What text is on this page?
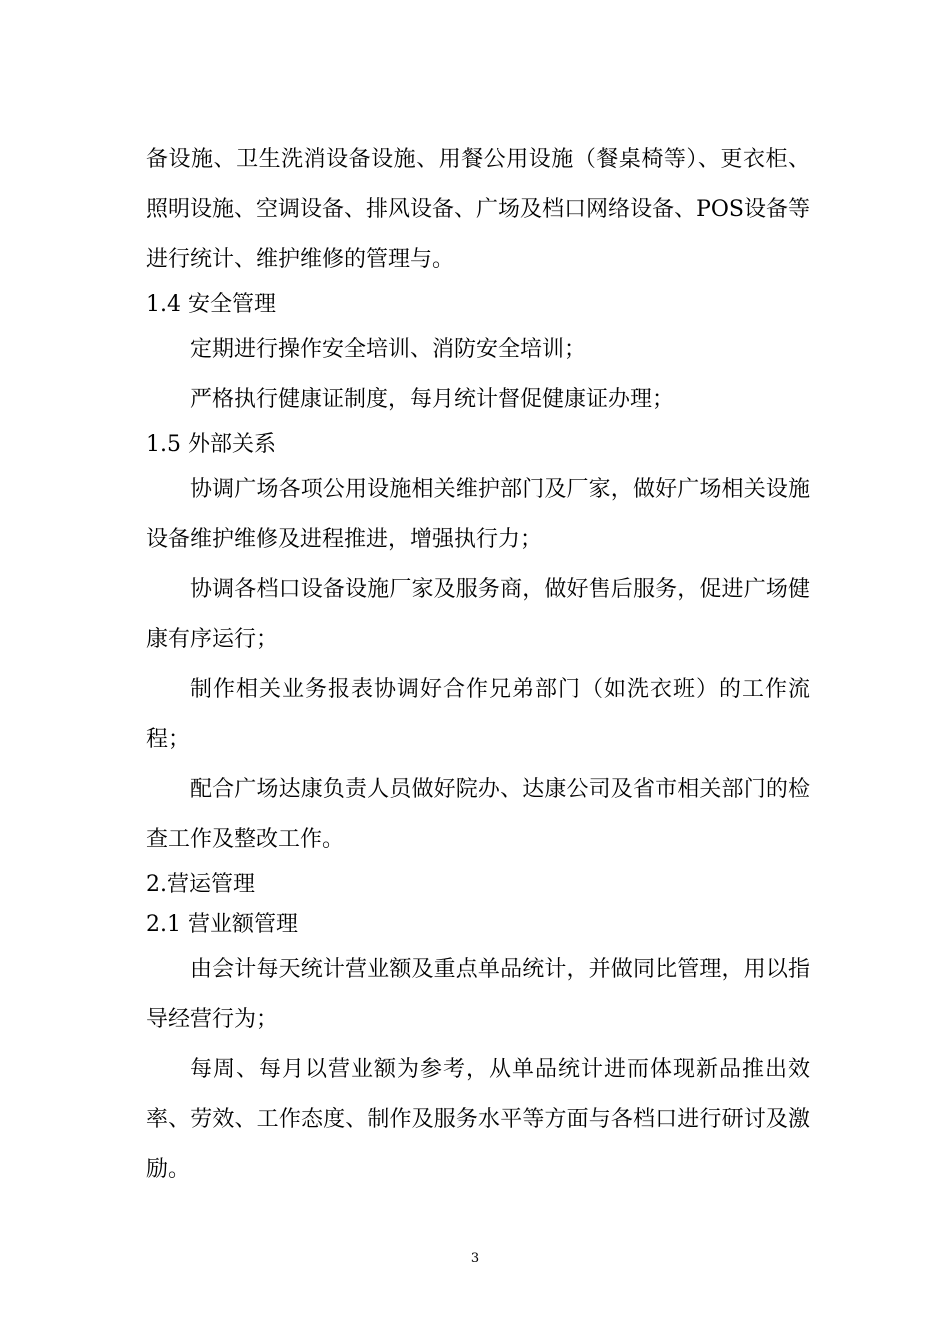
备设施、卫生洗消设备设施、用餐公用设施（餐桌椅等）、更衣柜、照明设施、空调设备、排风设备、广场及档口网络设备、POS设备等进行统计、维护维修的管理与。

1.4 安全管理

定期进行操作安全培训、消防安全培训；

严格执行健康证制度，每月统计督促健康证办理；

1.5 外部关系

协调广场各项公用设施相关维护部门及厂家，做好广场相关设施设备维护维修及进程推进，增强执行力；

协调各档口设备设施厂家及服务商，做好售后服务，促进广场健康有序运行；

制作相关业务报表协调好合作兄弟部门（如洗衣班）的工作流程；

配合广场达康负责人员做好院办、达康公司及省市相关部门的检查工作及整改工作。

2.营运管理

2.1 营业额管理

由会计每天统计营业额及重点单品统计，并做同比管理，用以指导经营行为；

每周、每月以营业额为参考，从单品统计进而体现新品推出效率、劳效、工作态度、制作及服务水平等方面与各档口进行研讨及激励。

3
